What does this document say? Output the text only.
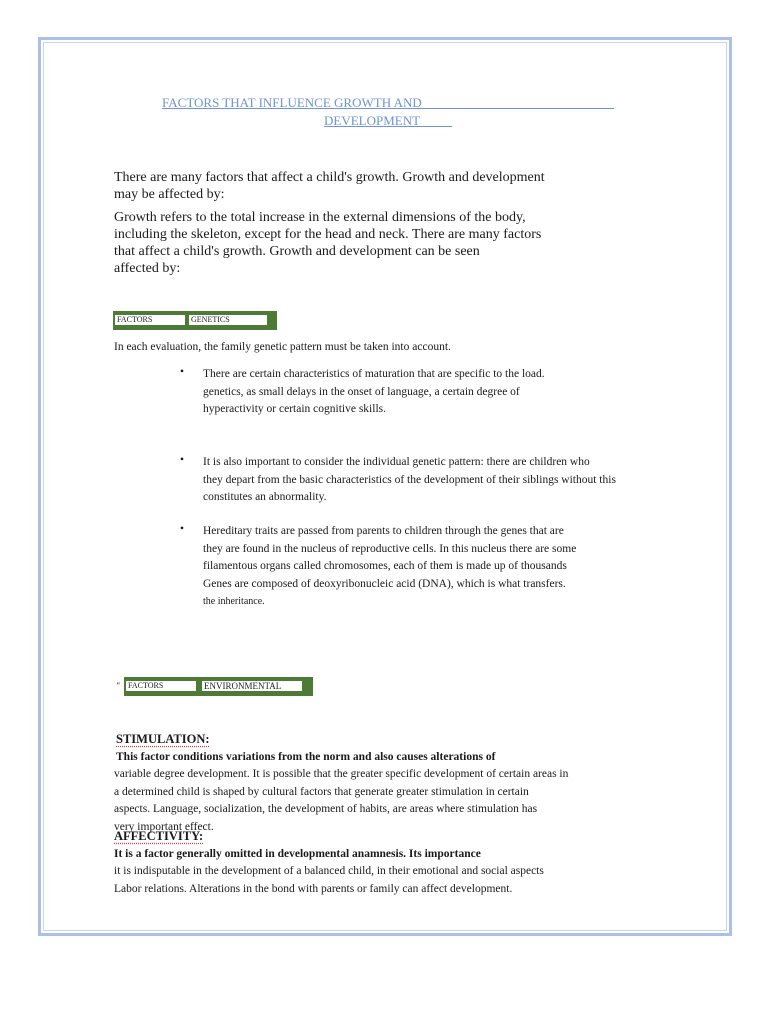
FACTORS THAT INFLUENCE GROWTH AND
DEVELOPMENT

There are many factors that affect a child's growth. Growth and development
may be affected by:

Growth refers to the total increase in the external dimensions of the body,
including the skeleton, except for the head and neck. There are many factors
that affect a child's growth. Growth and development can be seen
affected by:

FACTORS	GENETICS

In each evaluation, the family genetic pattern must be taken into account.

• There are certain characteristics of maturation that are specific to the load.
genetics, as small delays in the onset of language, a certain degree of
hyperactivity or certain cognitive skills.

• It is also important to consider the individual genetic pattern: there are children who
they depart from the basic characteristics of the development of their siblings without this
constitutes an abnormality.

• Hereditary traits are passed from parents to children through the genes that are
they are found in the nucleus of reproductive cells. In this nucleus there are some
filamentous organs called chromosomes, each of them is made up of thousands
Genes are composed of deoxyribonucleic acid (DNA), which is what transfers.
the inheritance.

" FACTORS	ENVIRONMENTAL

STIMULATION:
This factor conditions variations from the norm and also causes alterations of
variable degree development. It is possible that the greater specific development of certain areas in
a determined child is shaped by cultural factors that generate greater stimulation in certain
aspects. Language, socialization, the development of habits, are areas where stimulation has
very important effect.

AFFECTIVITY:
It is a factor generally omitted in developmental anamnesis. Its importance
it is indisputable in the development of a balanced child, in their emotional and social aspects
Labor relations. Alterations in the bond with parents or family can affect development.
